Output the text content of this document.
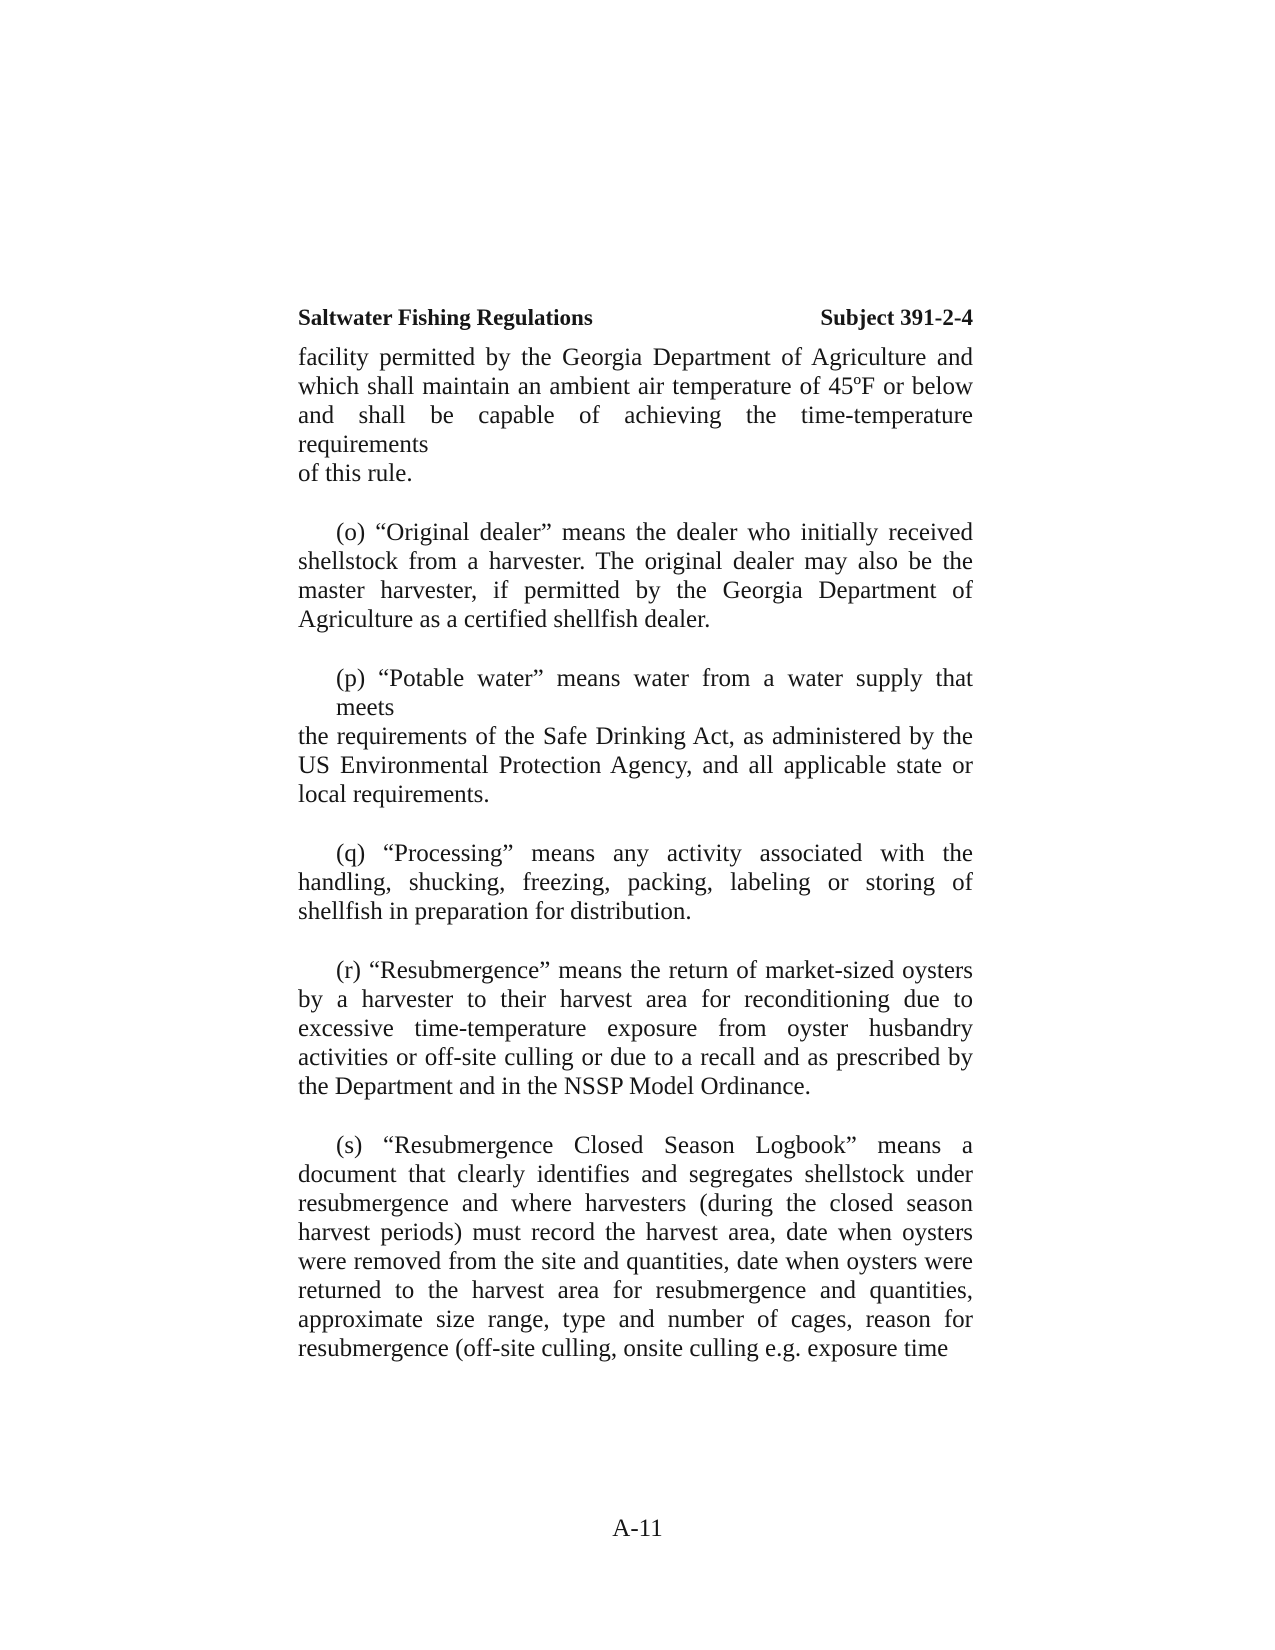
Saltwater Fishing Regulations	Subject 391-2-4
facility permitted by the Georgia Department of Agriculture and
which shall maintain an ambient air temperature of 45ºF or below
and shall be capable of achieving the time-temperature requirements
of this rule.
(o) “Original dealer” means the dealer who initially received
shellstock from a harvester. The original dealer may also be the
master harvester, if permitted by the Georgia Department of
Agriculture as a certified shellfish dealer.
(p) “Potable water” means water from a water supply that meets
the requirements of the Safe Drinking Act, as administered by the
US Environmental Protection Agency, and all applicable state or
local requirements.
(q) “Processing” means any activity associated with the
handling, shucking, freezing, packing, labeling or storing of
shellfish in preparation for distribution.
(r) “Resubmergence” means the return of market-sized oysters
by a harvester to their harvest area for reconditioning due to
excessive time-temperature exposure from oyster husbandry
activities or off-site culling or due to a recall and as prescribed by
the Department and in the NSSP Model Ordinance.
(s) “Resubmergence Closed Season Logbook” means a
document that clearly identifies and segregates shellstock under
resubmergence and where harvesters (during the closed season
harvest periods) must record the harvest area, date when oysters
were removed from the site and quantities, date when oysters were
returned to the harvest area for resubmergence and quantities,
approximate size range, type and number of cages, reason for
resubmergence (off-site culling, onsite culling e.g. exposure time
A-11
